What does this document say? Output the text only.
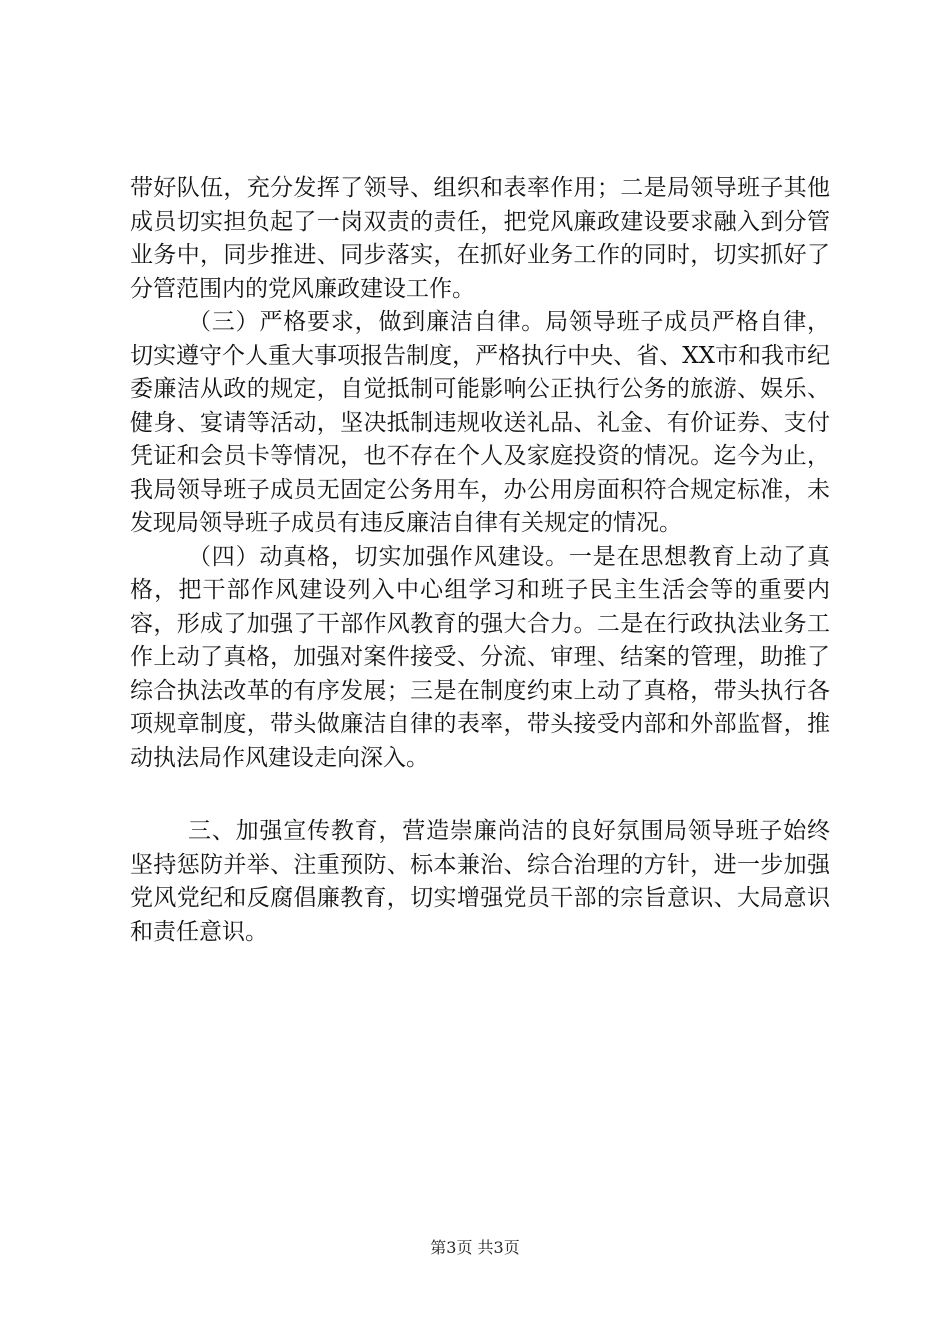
带好队伍，充分发挥了领导、组织和表率作用；二是局领导班子其他成员切实担负起了一岗双责的责任，把党风廉政建设要求融入到分管业务中，同步推进、同步落实，在抓好业务工作的同时，切实抓好了分管范围内的党风廉政建设工作。

（三）严格要求，做到廉洁自律。局领导班子成员严格自律，切实遵守个人重大事项报告制度，严格执行中央、省、XX市和我市纪委廉洁从政的规定，自觉抵制可能影响公正执行公务的旅游、娱乐、健身、宴请等活动，坚决抵制违规收送礼品、礼金、有价证券、支付凭证和会员卡等情况，也不存在个人及家庭投资的情况。迄今为止，我局领导班子成员无固定公务用车，办公用房面积符合规定标准，未发现局领导班子成员有违反廉洁自律有关规定的情况。

（四）动真格，切实加强作风建设。一是在思想教育上动了真格，把干部作风建设列入中心组学习和班子民主生活会等的重要内容，形成了加强了干部作风教育的强大合力。二是在行政执法业务工作上动了真格，加强对案件接受、分流、审理、结案的管理，助推了综合执法改革的有序发展；三是在制度约束上动了真格，带头执行各项规章制度，带头做廉洁自律的表率，带头接受内部和外部监督，推动执法局作风建设走向深入。

三、加强宣传教育，营造崇廉尚洁的良好氛围局领导班子始终坚持惩防并举、注重预防、标本兼治、综合治理的方针，进一步加强党风党纪和反腐倡廉教育，切实增强党员干部的宗旨意识、大局意识和责任意识。

第3页 共3页
